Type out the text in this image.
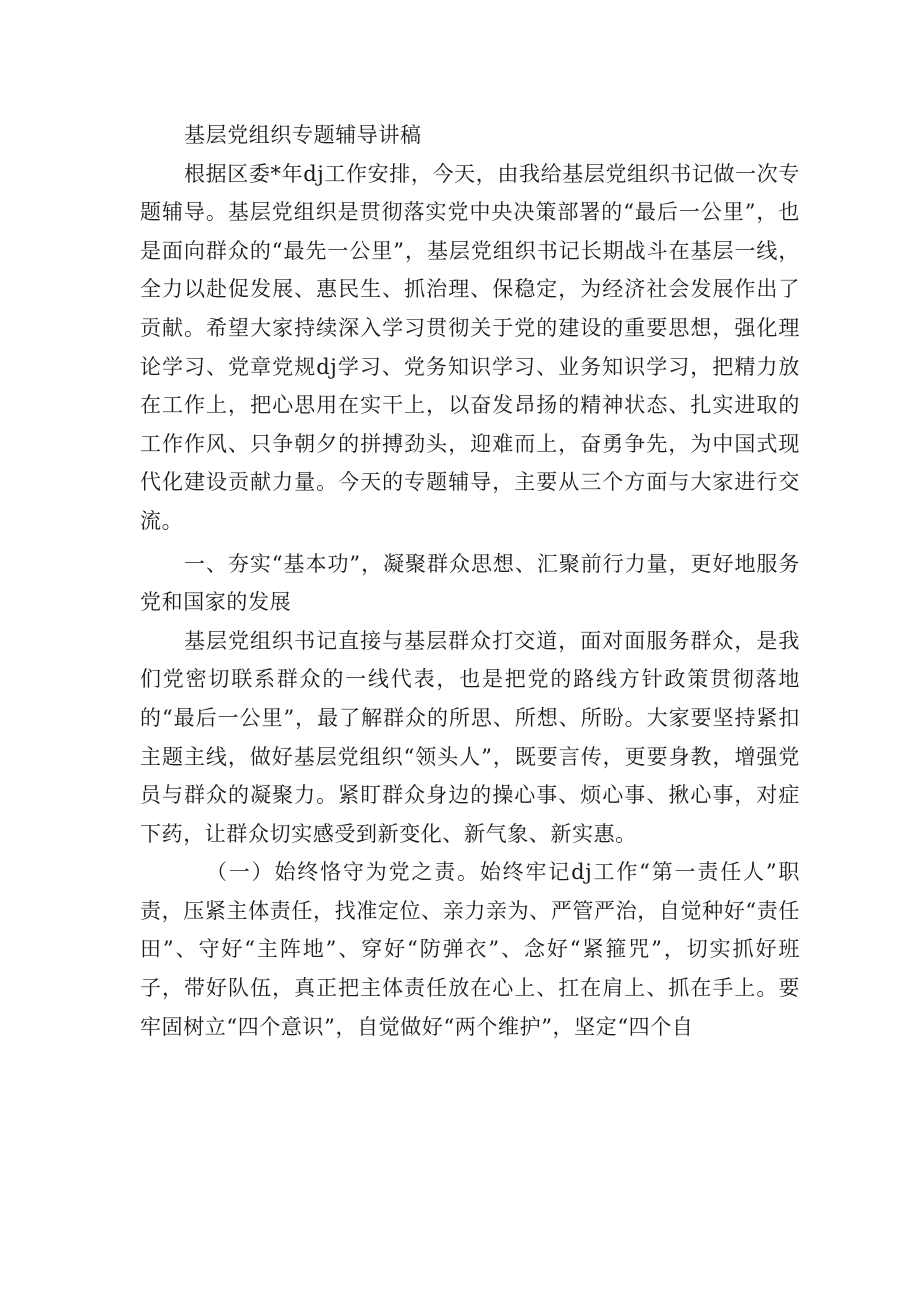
基层党组织专题辅导讲稿

根据区委*年dj工作安排，今天，由我给基层党组织书记做一次专题辅导。基层党组织是贯彻落实党中央决策部署的“最后一公里”，也是面向群众的“最先一公里”，基层党组织书记长期战斗在基层一线，全力以赴促发展、惠民生、抓治理、保稳定，为经济社会发展作出了贡献。希望大家持续深入学习贯彻关于党的建设的重要思想，强化理论学习、党章党规dj学习、党务知识学习、业务知识学习，把精力放在工作上，把心思用在实干上，以奋发昂扬的精神状态、扎实进取的工作作风、只争朝夕的拼搏劲头，迎难而上，奋勇争先，为中国式现代化建设贡献力量。今天的专题辅导，主要从三个方面与大家进行交流。

一、夯实“基本功”，凝聚群众思想、汇聚前行力量，更好地服务党和国家的发展

基层党组织书记直接与基层群众打交道，面对面服务群众，是我们党密切联系群众的一线代表，也是把党的路线方针政策贯彻落地的“最后一公里”，最了解群众的所思、所想、所盼。大家要坚持紧扣主题主线，做好基层党组织“领头人”，既要言传，更要身教，增强党员与群众的凝聚力。紧盯群众身边的操心事、烦心事、揪心事，对症下药，让群众切实感受到新变化、新气象、新实惠。

（一）始终恪守为党之责。始终牢记dj工作“第一责任人”职责，压紧主体责任，找准定位、亲力亲为、严管严治，自觉种好“责任田”、守好“主阵地”、穿好“防弹衣”、念好“紧箍咒”，切实抓好班子，带好队伍，真正把主体责任放在心上、扛在肩上、抓在手上。要牢固树立“四个意识”，自觉做好“两个维护”，坚定“四个自
